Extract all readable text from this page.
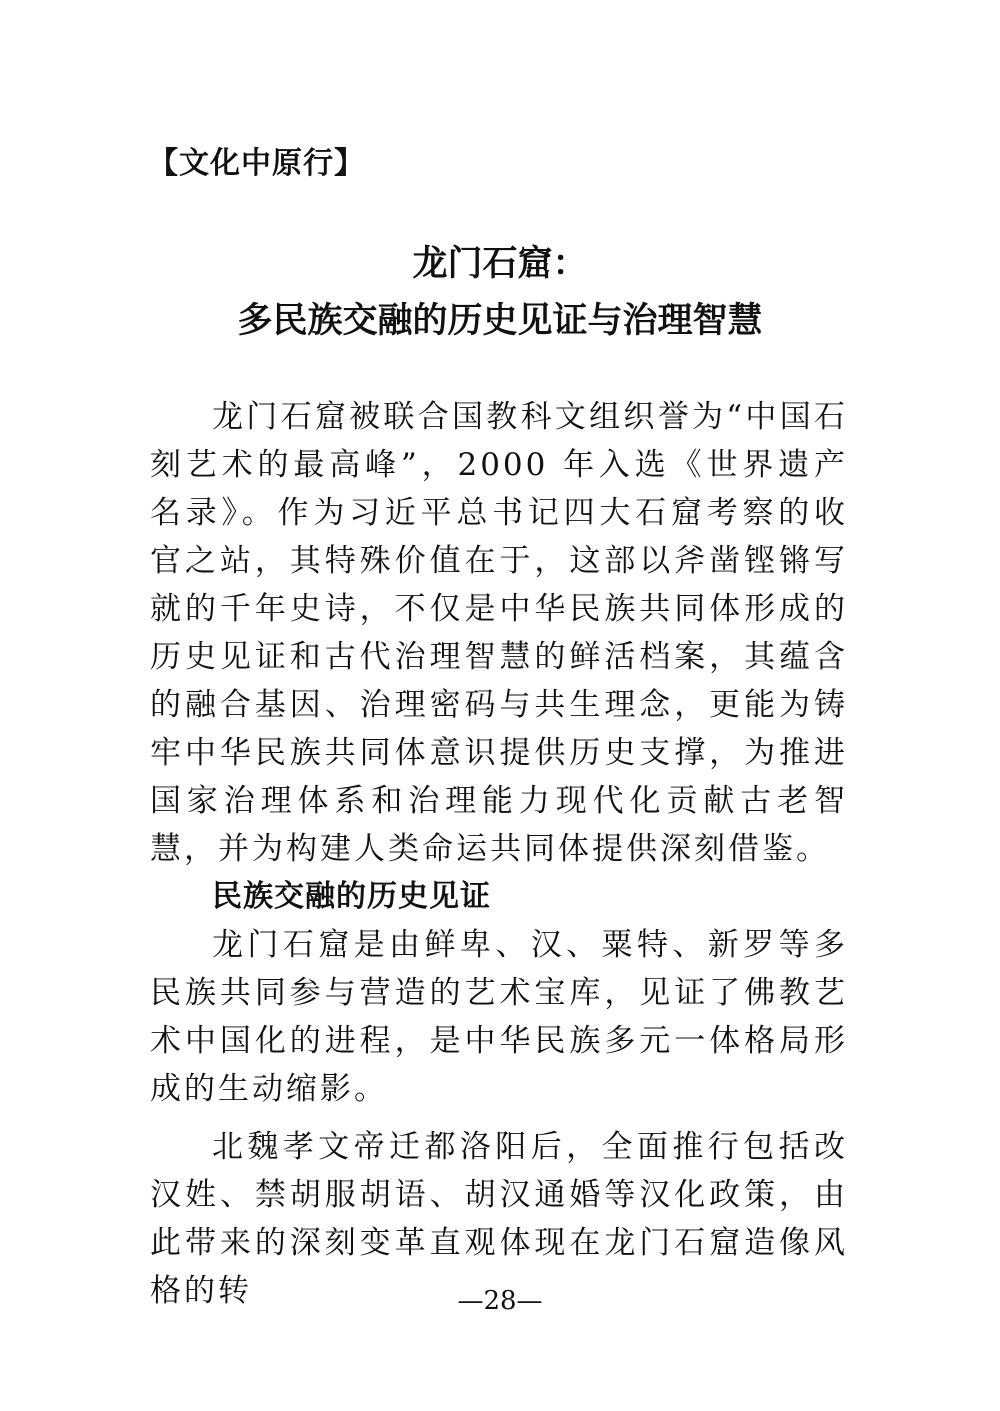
【文化中原行】
龙门石窟：
多民族交融的历史见证与治理智慧

龙门石窟被联合国教科文组织誉为“中国石刻艺术的最高峰”，2000 年入选《世界遗产名录》。作为习近平总书记四大石窟考察的收官之站，其特殊价值在于，这部以斧凿铿锵写就的千年史诗，不仅是中华民族共同体形成的历史见证和古代治理智慧的鲜活档案，其蕴含的融合基因、治理密码与共生理念，更能为铸牢中华民族共同体意识提供历史支撑，为推进国家治理体系和治理能力现代化贡献古老智慧，并为构建人类命运共同体提供深刻借鉴。

民族交融的历史见证

龙门石窟是由鲜卑、汉、粟特、新罗等多民族共同参与营造的艺术宝库，见证了佛教艺术中国化的进程，是中华民族多元一体格局形成的生动缩影。

北魏孝文帝迁都洛阳后，全面推行包括改汉姓、禁胡服胡语、胡汉通婚等汉化政策，由此带来的深刻变革直观体现在龙门石窟造像风格的转	—28—
